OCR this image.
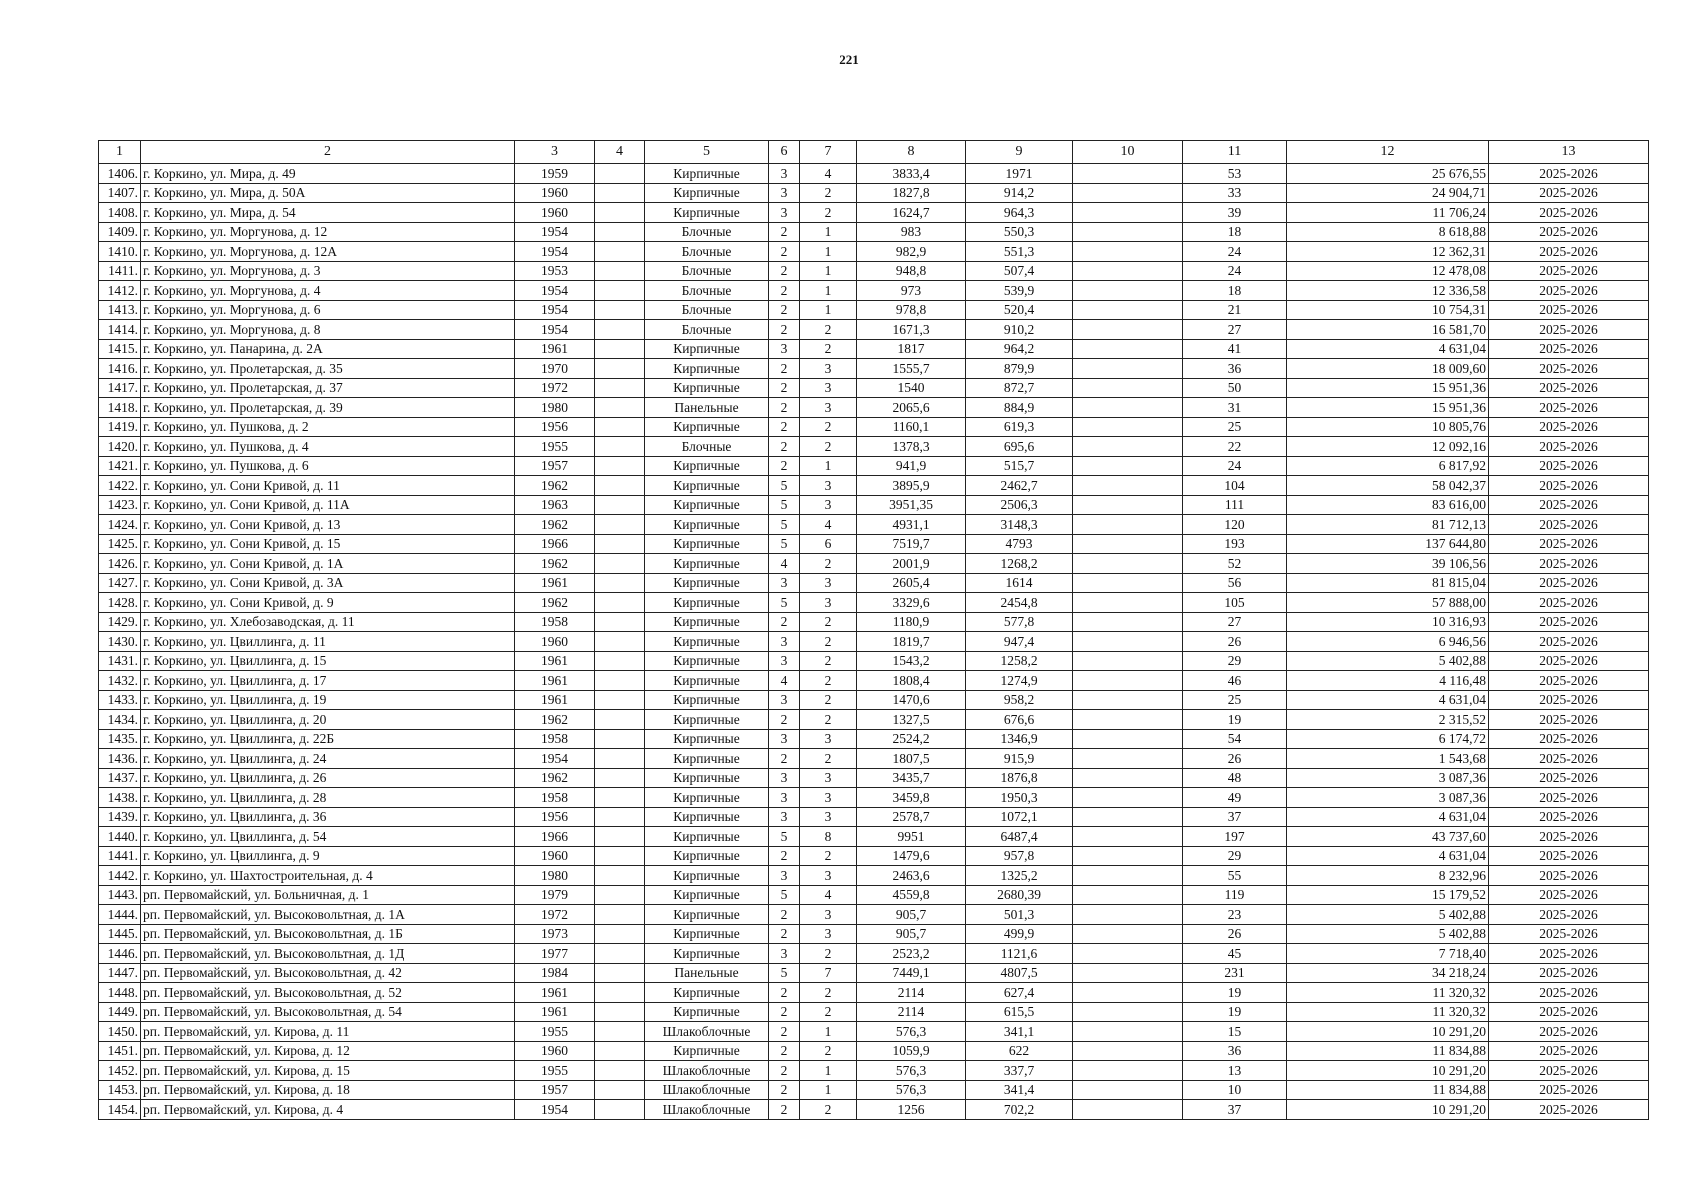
221
1	2	3	4	5	6	7	8	9	10	11	12	13
1406.	г. Коркино, ул. Мира, д. 49	1959		Кирпичные	3	4	3833,4	1971		53	25 676,55	2025-2026
1407.	г. Коркино, ул. Мира, д. 50А	1960		Кирпичные	3	2	1827,8	914,2		33	24 904,71	2025-2026
1408.	г. Коркино, ул. Мира, д. 54	1960		Кирпичные	3	2	1624,7	964,3		39	11 706,24	2025-2026
1409.	г. Коркино, ул. Моргунова, д. 12	1954		Блочные	2	1	983	550,3		18	8 618,88	2025-2026
1410.	г. Коркино, ул. Моргунова, д. 12А	1954		Блочные	2	1	982,9	551,3		24	12 362,31	2025-2026
1411.	г. Коркино, ул. Моргунова, д. 3	1953		Блочные	2	1	948,8	507,4		24	12 478,08	2025-2026
1412.	г. Коркино, ул. Моргунова, д. 4	1954		Блочные	2	1	973	539,9		18	12 336,58	2025-2026
1413.	г. Коркино, ул. Моргунова, д. 6	1954		Блочные	2	1	978,8	520,4		21	10 754,31	2025-2026
1414.	г. Коркино, ул. Моргунова, д. 8	1954		Блочные	2	2	1671,3	910,2		27	16 581,70	2025-2026
1415.	г. Коркино, ул. Панарина, д. 2А	1961		Кирпичные	3	2	1817	964,2		41	4 631,04	2025-2026
1416.	г. Коркино, ул. Пролетарская, д. 35	1970		Кирпичные	2	3	1555,7	879,9		36	18 009,60	2025-2026
1417.	г. Коркино, ул. Пролетарская, д. 37	1972		Кирпичные	2	3	1540	872,7		50	15 951,36	2025-2026
1418.	г. Коркино, ул. Пролетарская, д. 39	1980		Панельные	2	3	2065,6	884,9		31	15 951,36	2025-2026
1419.	г. Коркино, ул. Пушкова, д. 2	1956		Кирпичные	2	2	1160,1	619,3		25	10 805,76	2025-2026
1420.	г. Коркино, ул. Пушкова, д. 4	1955		Блочные	2	2	1378,3	695,6		22	12 092,16	2025-2026
1421.	г. Коркино, ул. Пушкова, д. 6	1957		Кирпичные	2	1	941,9	515,7		24	6 817,92	2025-2026
1422.	г. Коркино, ул. Сони Кривой, д. 11	1962		Кирпичные	5	3	3895,9	2462,7		104	58 042,37	2025-2026
1423.	г. Коркино, ул. Сони Кривой, д. 11А	1963		Кирпичные	5	3	3951,35	2506,3		111	83 616,00	2025-2026
1424.	г. Коркино, ул. Сони Кривой, д. 13	1962		Кирпичные	5	4	4931,1	3148,3		120	81 712,13	2025-2026
1425.	г. Коркино, ул. Сони Кривой, д. 15	1966		Кирпичные	5	6	7519,7	4793		193	137 644,80	2025-2026
1426.	г. Коркино, ул. Сони Кривой, д. 1А	1962		Кирпичные	4	2	2001,9	1268,2		52	39 106,56	2025-2026
1427.	г. Коркино, ул. Сони Кривой, д. 3А	1961		Кирпичные	3	3	2605,4	1614		56	81 815,04	2025-2026
1428.	г. Коркино, ул. Сони Кривой, д. 9	1962		Кирпичные	5	3	3329,6	2454,8		105	57 888,00	2025-2026
1429.	г. Коркино, ул. Хлебозаводская, д. 11	1958		Кирпичные	2	2	1180,9	577,8		27	10 316,93	2025-2026
1430.	г. Коркино, ул. Цвиллинга, д. 11	1960		Кирпичные	3	2	1819,7	947,4		26	6 946,56	2025-2026
1431.	г. Коркино, ул. Цвиллинга, д. 15	1961		Кирпичные	3	2	1543,2	1258,2		29	5 402,88	2025-2026
1432.	г. Коркино, ул. Цвиллинга, д. 17	1961		Кирпичные	4	2	1808,4	1274,9		46	4 116,48	2025-2026
1433.	г. Коркино, ул. Цвиллинга, д. 19	1961		Кирпичные	3	2	1470,6	958,2		25	4 631,04	2025-2026
1434.	г. Коркино, ул. Цвиллинга, д. 20	1962		Кирпичные	2	2	1327,5	676,6		19	2 315,52	2025-2026
1435.	г. Коркино, ул. Цвиллинга, д. 22Б	1958		Кирпичные	3	3	2524,2	1346,9		54	6 174,72	2025-2026
1436.	г. Коркино, ул. Цвиллинга, д. 24	1954		Кирпичные	2	2	1807,5	915,9		26	1 543,68	2025-2026
1437.	г. Коркино, ул. Цвиллинга, д. 26	1962		Кирпичные	3	3	3435,7	1876,8		48	3 087,36	2025-2026
1438.	г. Коркино, ул. Цвиллинга, д. 28	1958		Кирпичные	3	3	3459,8	1950,3		49	3 087,36	2025-2026
1439.	г. Коркино, ул. Цвиллинга, д. 36	1956		Кирпичные	3	3	2578,7	1072,1		37	4 631,04	2025-2026
1440.	г. Коркино, ул. Цвиллинга, д. 54	1966		Кирпичные	5	8	9951	6487,4		197	43 737,60	2025-2026
1441.	г. Коркино, ул. Цвиллинга, д. 9	1960		Кирпичные	2	2	1479,6	957,8		29	4 631,04	2025-2026
1442.	г. Коркино, ул. Шахтостроительная, д. 4	1980		Кирпичные	3	3	2463,6	1325,2		55	8 232,96	2025-2026
1443.	рп. Первомайский, ул. Больничная, д. 1	1979		Кирпичные	5	4	4559,8	2680,39		119	15 179,52	2025-2026
1444.	рп. Первомайский, ул. Высоковольтная, д. 1А	1972		Кирпичные	2	3	905,7	501,3		23	5 402,88	2025-2026
1445.	рп. Первомайский, ул. Высоковольтная, д. 1Б	1973		Кирпичные	2	3	905,7	499,9		26	5 402,88	2025-2026
1446.	рп. Первомайский, ул. Высоковольтная, д. 1Д	1977		Кирпичные	3	2	2523,2	1121,6		45	7 718,40	2025-2026
1447.	рп. Первомайский, ул. Высоковольтная, д. 42	1984		Панельные	5	7	7449,1	4807,5		231	34 218,24	2025-2026
1448.	рп. Первомайский, ул. Высоковольтная, д. 52	1961		Кирпичные	2	2	2114	627,4		19	11 320,32	2025-2026
1449.	рп. Первомайский, ул. Высоковольтная, д. 54	1961		Кирпичные	2	2	2114	615,5		19	11 320,32	2025-2026
1450.	рп. Первомайский, ул. Кирова, д. 11	1955		Шлакоблочные	2	1	576,3	341,1		15	10 291,20	2025-2026
1451.	рп. Первомайский, ул. Кирова, д. 12	1960		Кирпичные	2	2	1059,9	622		36	11 834,88	2025-2026
1452.	рп. Первомайский, ул. Кирова, д. 15	1955		Шлакоблочные	2	1	576,3	337,7		13	10 291,20	2025-2026
1453.	рп. Первомайский, ул. Кирова, д. 18	1957		Шлакоблочные	2	1	576,3	341,4		10	11 834,88	2025-2026
1454.	рп. Первомайский, ул. Кирова, д. 4	1954		Шлакоблочные	2	2	1256	702,2		37	10 291,20	2025-2026
